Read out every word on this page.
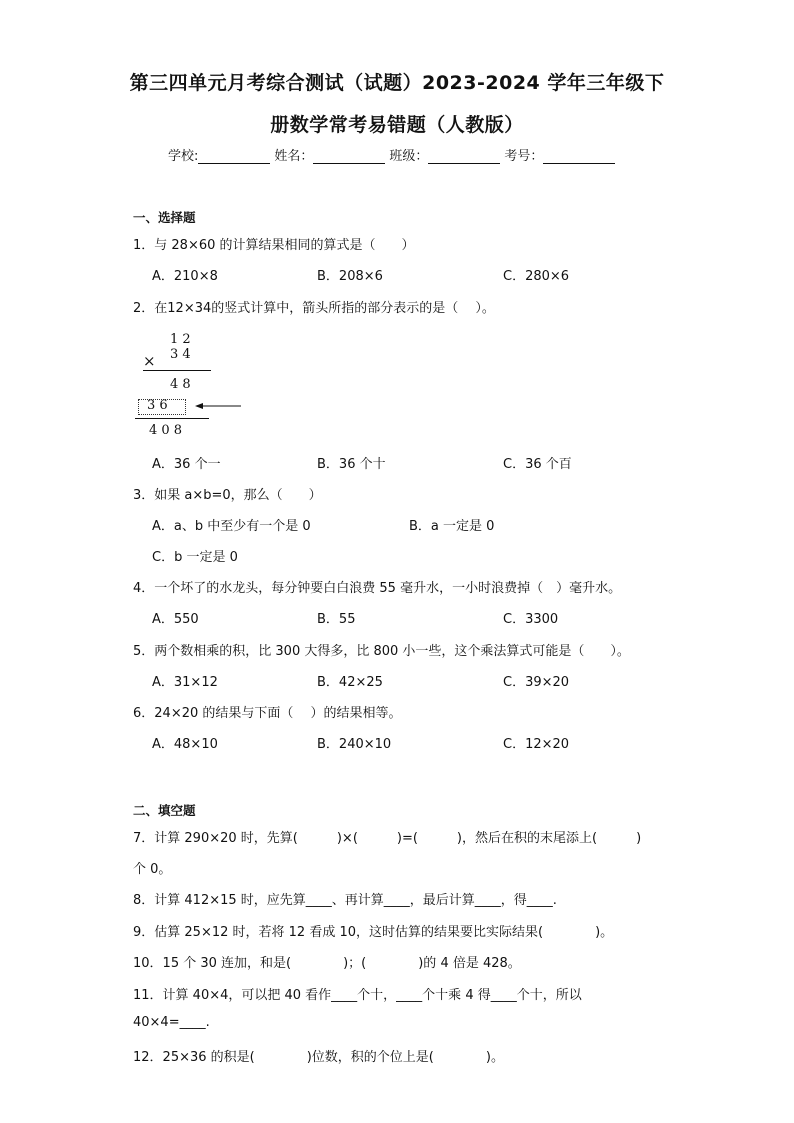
第三四单元月考综合测试（试题）2023-2024 学年三年级下
册数学常考易错题（人教版）
学校:	姓名：	班级：	考号：
一、选择题
1．与 28×60 的计算结果相同的算式是（　　）
A．210×8	B．208×6	C．280×6
2．在12×34的竖式计算中，箭头所指的部分表示的是（　 ）。
1 2
× 3 4
4 8
3 6
4 0 8
A．36 个一	B．36 个十	C．36 个百
3．如果 a×b=0，那么（　　）
A．a、b 中至少有一个是 0	B．a 一定是 0
C．b 一定是 0
4．一个坏了的水龙头，每分钟要白白浪费 55 毫升水，一小时浪费掉（　）毫升水。
A．550	B．55	C．3300
5．两个数相乘的积，比 300 大得多，比 800 小一些，这个乘法算式可能是（　　）。
A．31×12	B．42×25	C．39×20
6．24×20 的结果与下面（　 ）的结果相等。
A．48×10	B．240×10	C．12×20
二、填空题
7．计算 290×20 时，先算(　　　)×(　　　)=(　　　)，然后在积的末尾添上(　　　)
个 0。
8．计算 412×15 时，应先算____、再计算____，最后计算____，得____.
9．估算 25×12 时，若将 12 看成 10，这时估算的结果要比实际结果(　　　　)。
10．15 个 30 连加，和是(　　　　)；(　　　　)的 4 倍是 428。
11．计算 40×4，可以把 40 看作____个十，____个十乘 4 得____个十，所以
40×4=____.
12．25×36 的积是(　　　　)位数，积的个位上是(　　　　)。
